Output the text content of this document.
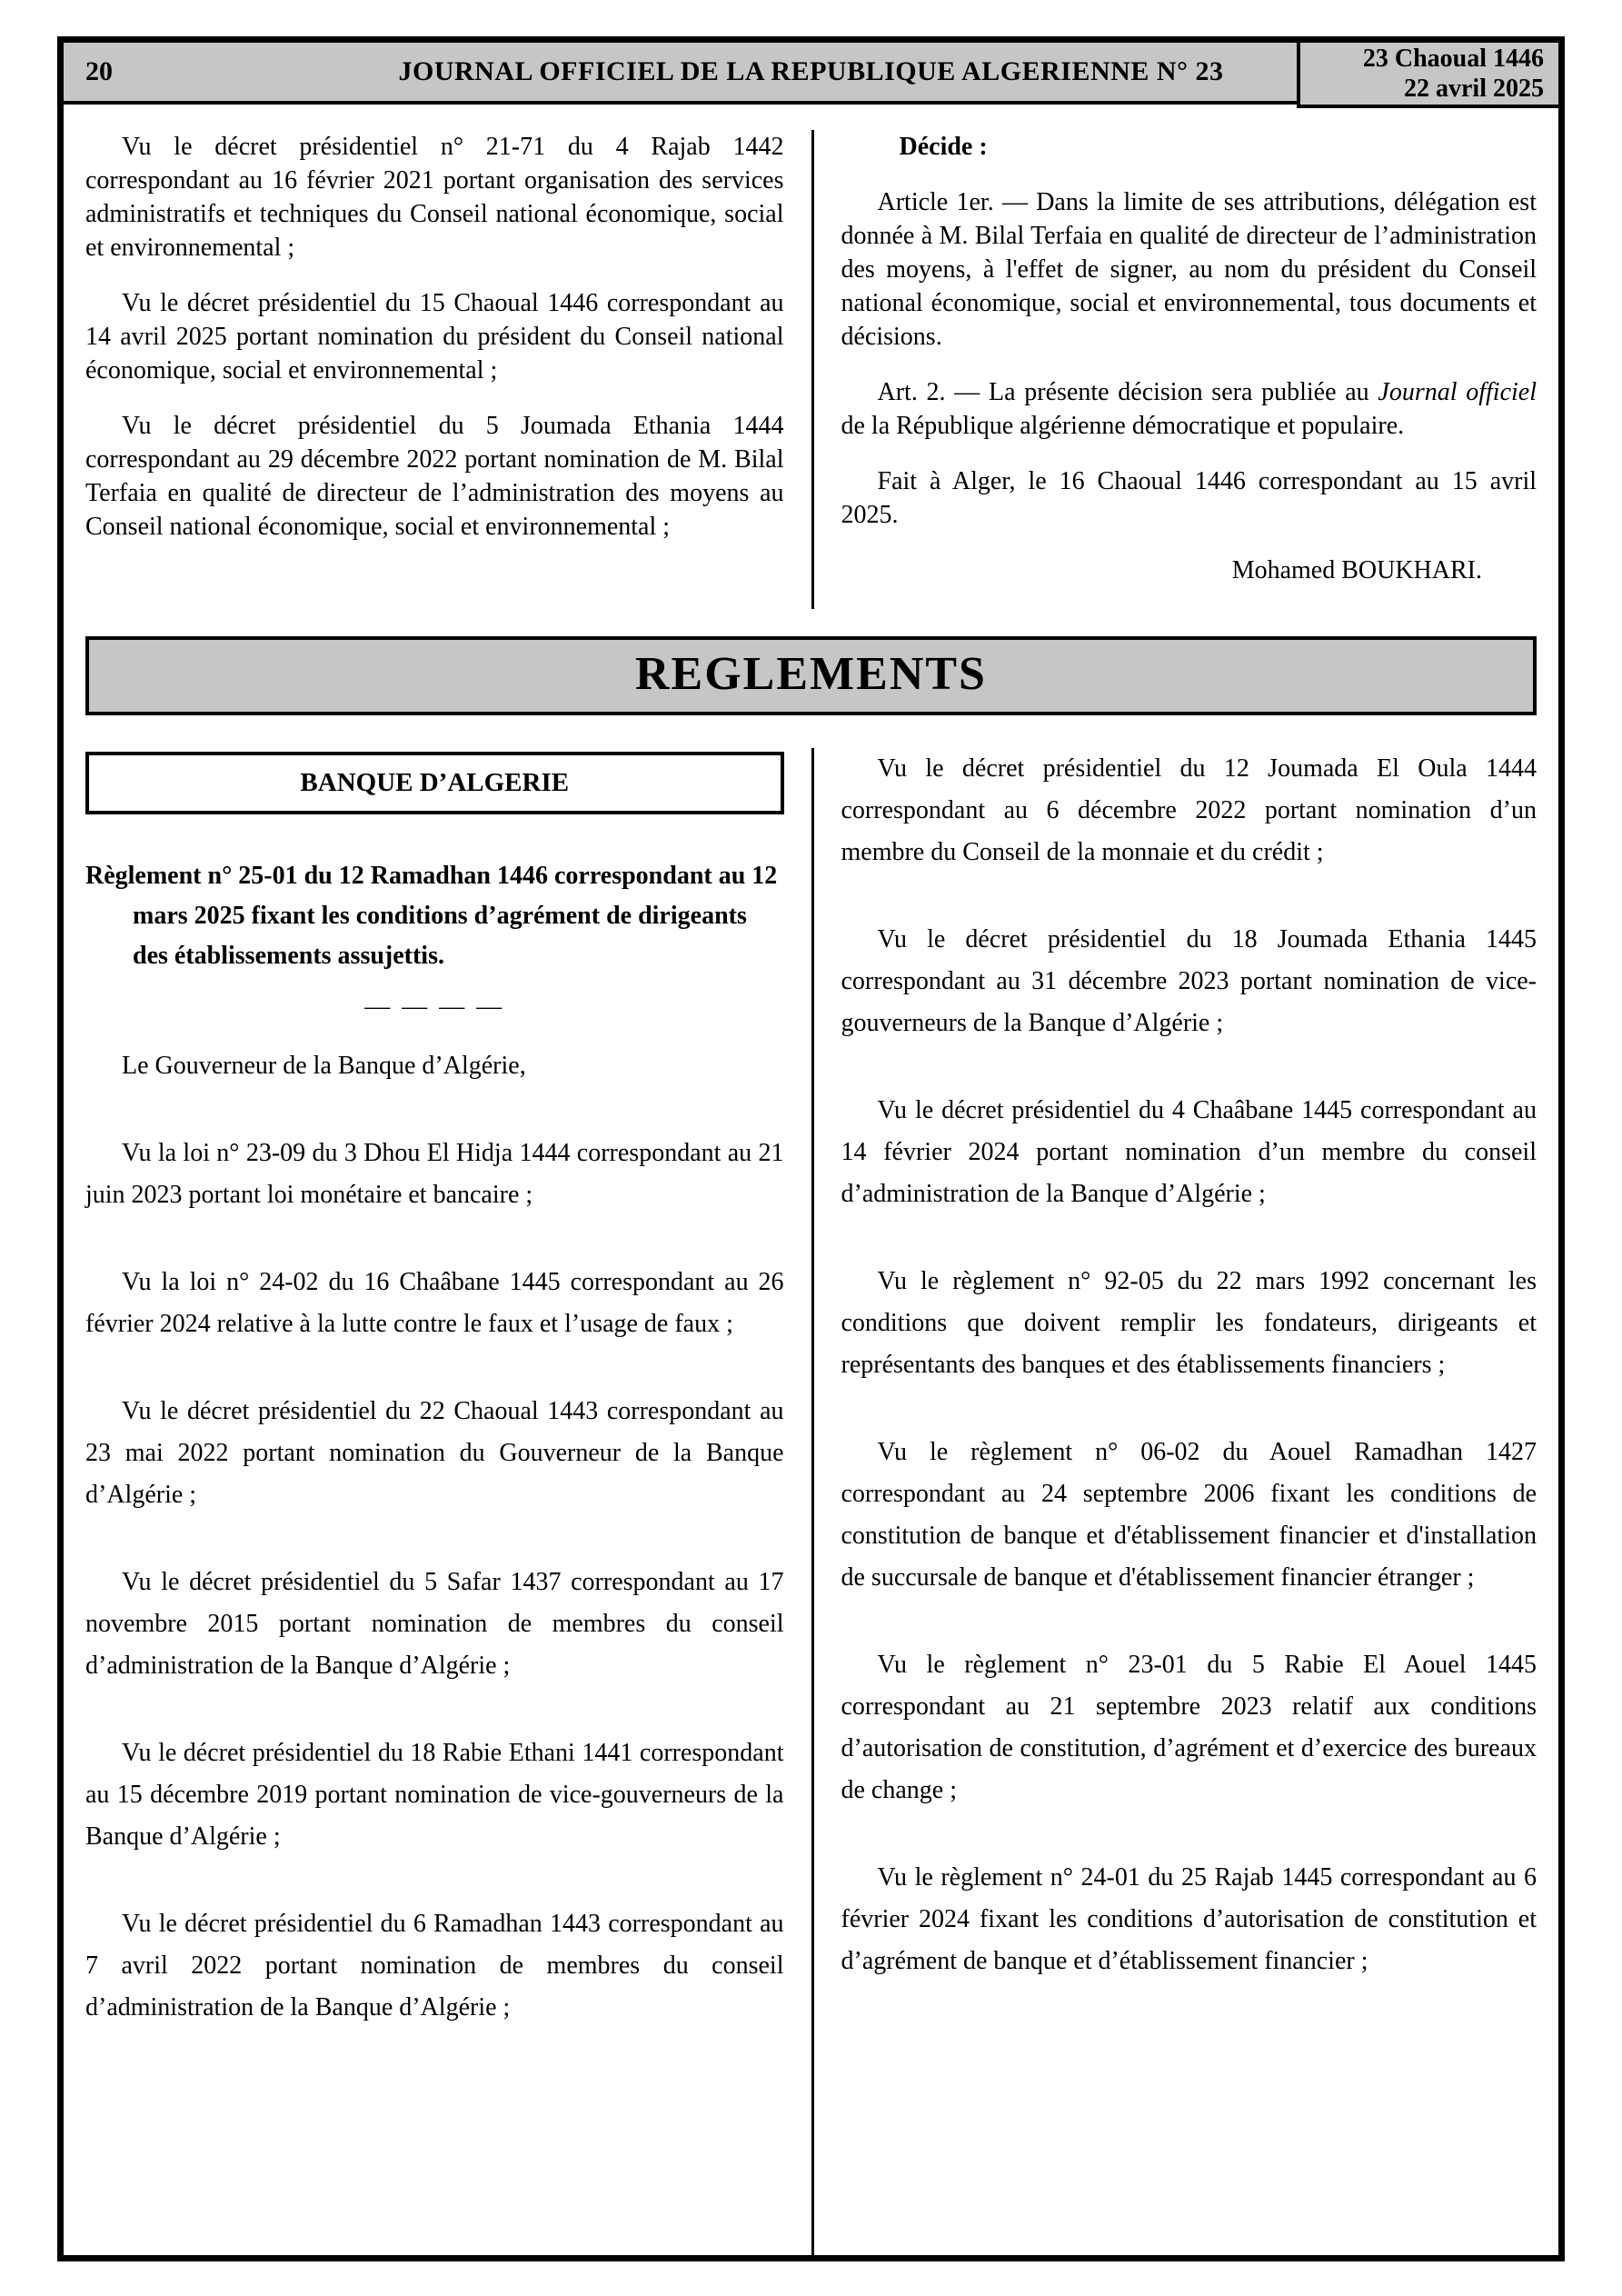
20	JOURNAL OFFICIEL DE LA REPUBLIQUE ALGERIENNE N° 23	23 Chaoual 1446
22 avril 2025

Vu le décret présidentiel n° 21-71 du 4 Rajab 1442 correspondant au 16 février 2021 portant organisation des services administratifs et techniques du Conseil national économique, social et environnemental ;

Vu le décret présidentiel du 15 Chaoual 1446 correspondant au 14 avril 2025 portant nomination du président du Conseil national économique, social et environnemental ;

Vu le décret présidentiel du 5 Joumada Ethania 1444 correspondant au 29 décembre 2022 portant nomination de M. Bilal Terfaia en qualité de directeur de l’administration des moyens au Conseil national économique, social et environnemental ;

Décide :

Article 1er. — Dans la limite de ses attributions, délégation est donnée à M. Bilal Terfaia en qualité de directeur de l’administration des moyens, à l'effet de signer, au nom du président du Conseil national économique, social et environnemental, tous documents et décisions.

Art. 2. — La présente décision sera publiée au Journal officiel de la République algérienne démocratique et populaire.

Fait à Alger, le 16 Chaoual 1446 correspondant au 15 avril 2025.

Mohamed BOUKHARI.

REGLEMENTS
BANQUE D’ALGERIE

Règlement n° 25-01 du 12 Ramadhan 1446 correspondant au 12 mars 2025 fixant les conditions d’agrément de dirigeants des établissements assujettis.

— — — —

Le Gouverneur de la Banque d’Algérie,

Vu la loi n° 23-09 du 3 Dhou El Hidja 1444 correspondant au 21 juin 2023 portant loi monétaire et bancaire ;

Vu la loi n° 24-02 du 16 Chaâbane 1445 correspondant au 26 février 2024 relative à la lutte contre le faux et l’usage de faux ;

Vu le décret présidentiel du 22 Chaoual 1443 correspondant au 23 mai 2022 portant nomination du Gouverneur de la Banque d’Algérie ;

Vu le décret présidentiel du 5 Safar 1437 correspondant au 17 novembre 2015 portant nomination de membres du conseil d’administration de la Banque d’Algérie ;

Vu le décret présidentiel du 18 Rabie Ethani 1441 correspondant au 15 décembre 2019 portant nomination de vice-gouverneurs de la Banque d’Algérie ;

Vu le décret présidentiel du 6 Ramadhan 1443 correspondant au 7 avril 2022 portant nomination de membres du conseil d’administration de la Banque d’Algérie ;

Vu le décret présidentiel du 12 Joumada El Oula 1444 correspondant au 6 décembre 2022 portant nomination d’un membre du Conseil de la monnaie et du crédit ;

Vu le décret présidentiel du 18 Joumada Ethania 1445 correspondant au 31 décembre 2023 portant nomination de vice-gouverneurs de la Banque d’Algérie ;

Vu le décret présidentiel du 4 Chaâbane 1445 correspondant au 14 février 2024 portant nomination d’un membre du conseil d’administration de la Banque d’Algérie ;

Vu le règlement n° 92-05 du 22 mars 1992 concernant les conditions que doivent remplir les fondateurs, dirigeants et représentants des banques et des établissements financiers ;

Vu le règlement n° 06-02 du Aouel Ramadhan 1427 correspondant au 24 septembre 2006 fixant les conditions de constitution de banque et d'établissement financier et d'installation de succursale de banque et d'établissement financier étranger ;

Vu le règlement n° 23-01 du 5 Rabie El Aouel 1445 correspondant au 21 septembre 2023 relatif aux conditions d’autorisation de constitution, d’agrément et d’exercice des bureaux de change ;

Vu le règlement n° 24-01 du 25 Rajab 1445 correspondant au 6 février 2024 fixant les conditions d’autorisation de constitution et d’agrément de banque et d’établissement financier ;
